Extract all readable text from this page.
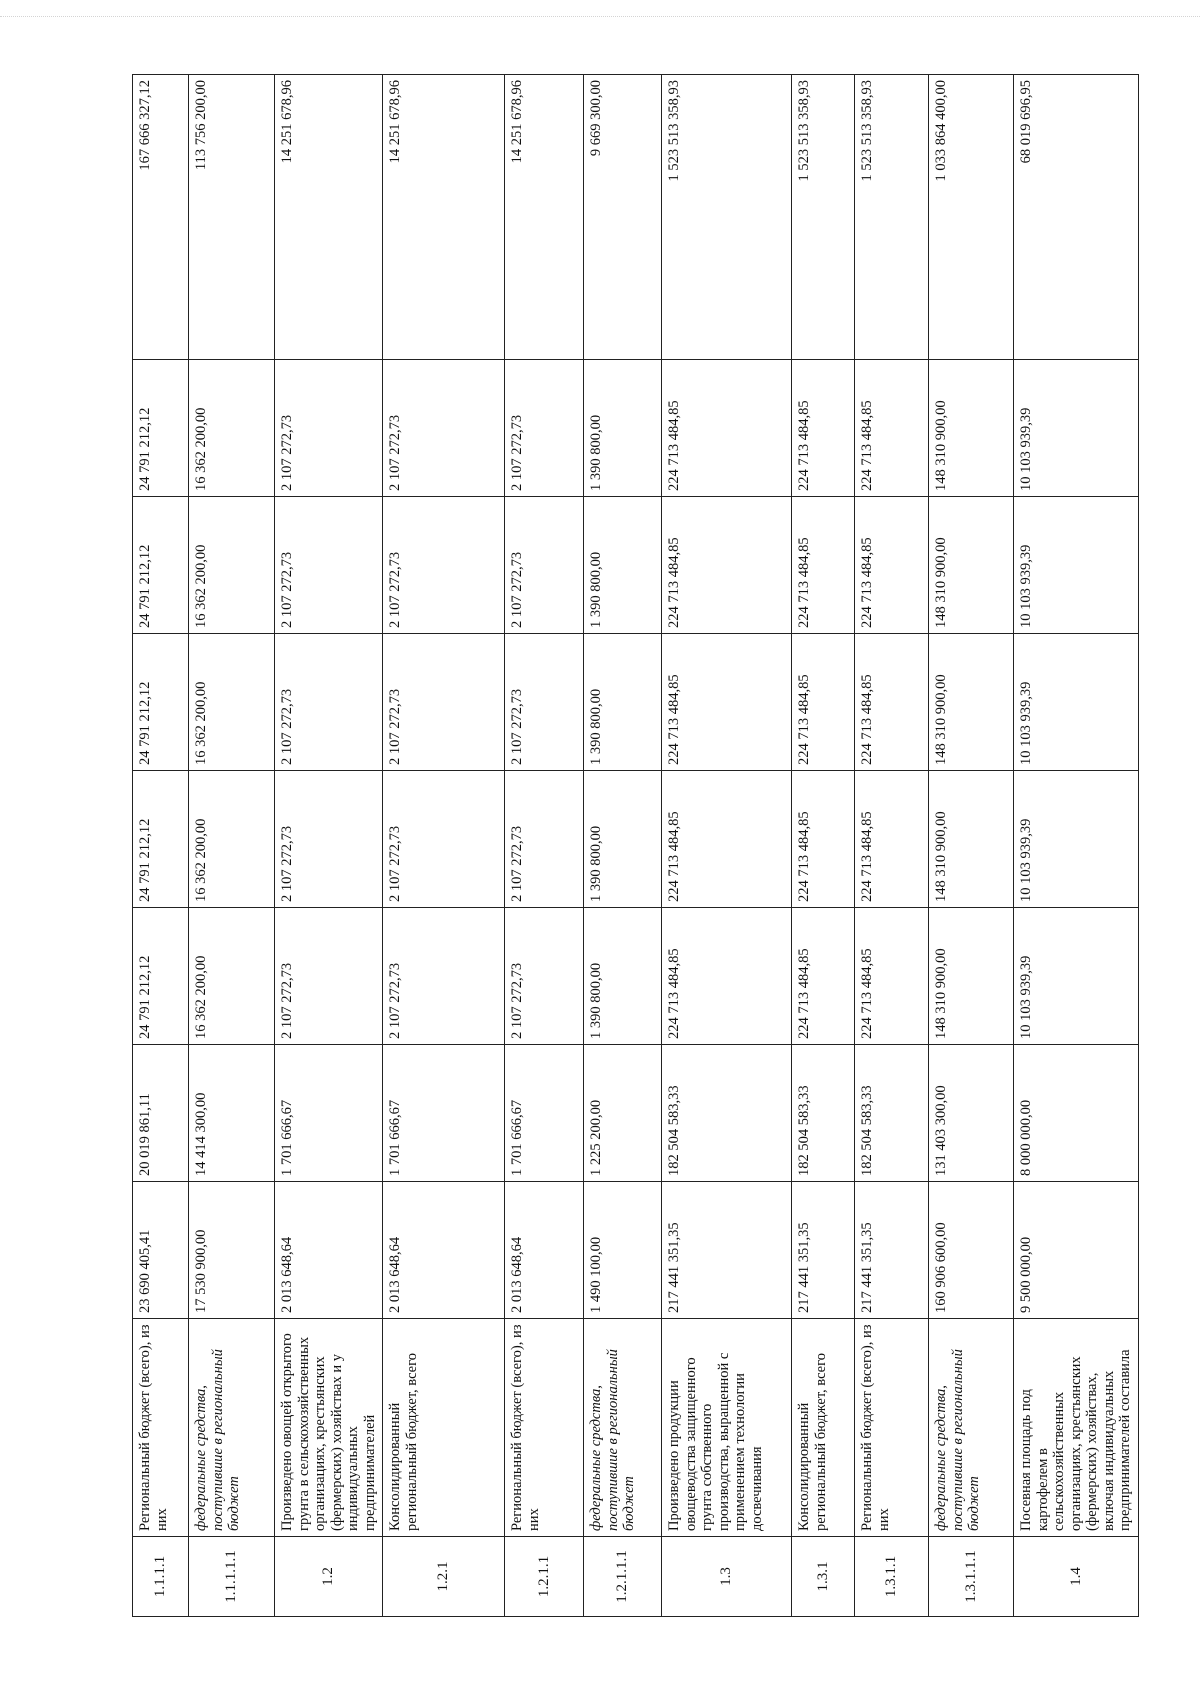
1.1.1.1	Региональный бюджет (всего), из них	23 690 405,41	20 019 861,11	24 791 212,12	24 791 212,12	24 791 212,12	24 791 212,12	24 791 212,12	167 666 327,12
1.1.1.1.1	федеральные средства, поступившие в региональный бюджет	17 530 900,00	14 414 300,00	16 362 200,00	16 362 200,00	16 362 200,00	16 362 200,00	16 362 200,00	113 756 200,00
1.2	Произведено овощей открытого грунта в сельскохозяйственных организациях, крестьянских (фермерских) хозяйствах и у индивидуальных предпринимателей	2 013 648,64	1 701 666,67	2 107 272,73	2 107 272,73	2 107 272,73	2 107 272,73	2 107 272,73	14 251 678,96
1.2.1	Консолидированный региональный бюджет, всего	2 013 648,64	1 701 666,67	2 107 272,73	2 107 272,73	2 107 272,73	2 107 272,73	2 107 272,73	14 251 678,96
1.2.1.1	Региональный бюджет (всего), из них	2 013 648,64	1 701 666,67	2 107 272,73	2 107 272,73	2 107 272,73	2 107 272,73	2 107 272,73	14 251 678,96
1.2.1.1.1	федеральные средства, поступившие в региональный бюджет	1 490 100,00	1 225 200,00	1 390 800,00	1 390 800,00	1 390 800,00	1 390 800,00	1 390 800,00	9 669 300,00
1.3	Произведено продукции овощеводства защищенного грунта собственного производства, выращенной с применением технологии досвечивания	217 441 351,35	182 504 583,33	224 713 484,85	224 713 484,85	224 713 484,85	224 713 484,85	224 713 484,85	1 523 513 358,93
1.3.1	Консолидированный региональный бюджет, всего	217 441 351,35	182 504 583,33	224 713 484,85	224 713 484,85	224 713 484,85	224 713 484,85	224 713 484,85	1 523 513 358,93
1.3.1.1	Региональный бюджет (всего), из них	217 441 351,35	182 504 583,33	224 713 484,85	224 713 484,85	224 713 484,85	224 713 484,85	224 713 484,85	1 523 513 358,93
1.3.1.1.1	федеральные средства, поступившие в региональный бюджет	160 906 600,00	131 403 300,00	148 310 900,00	148 310 900,00	148 310 900,00	148 310 900,00	148 310 900,00	1 033 864 400,00
1.4	Посевная площадь под картофелем в сельскохозяйственных организациях, крестьянских (фермерских) хозяйствах, включая индивидуальных предпринимателей составила	9 500 000,00	8 000 000,00	10 103 939,39	10 103 939,39	10 103 939,39	10 103 939,39	10 103 939,39	68 019 696,95
